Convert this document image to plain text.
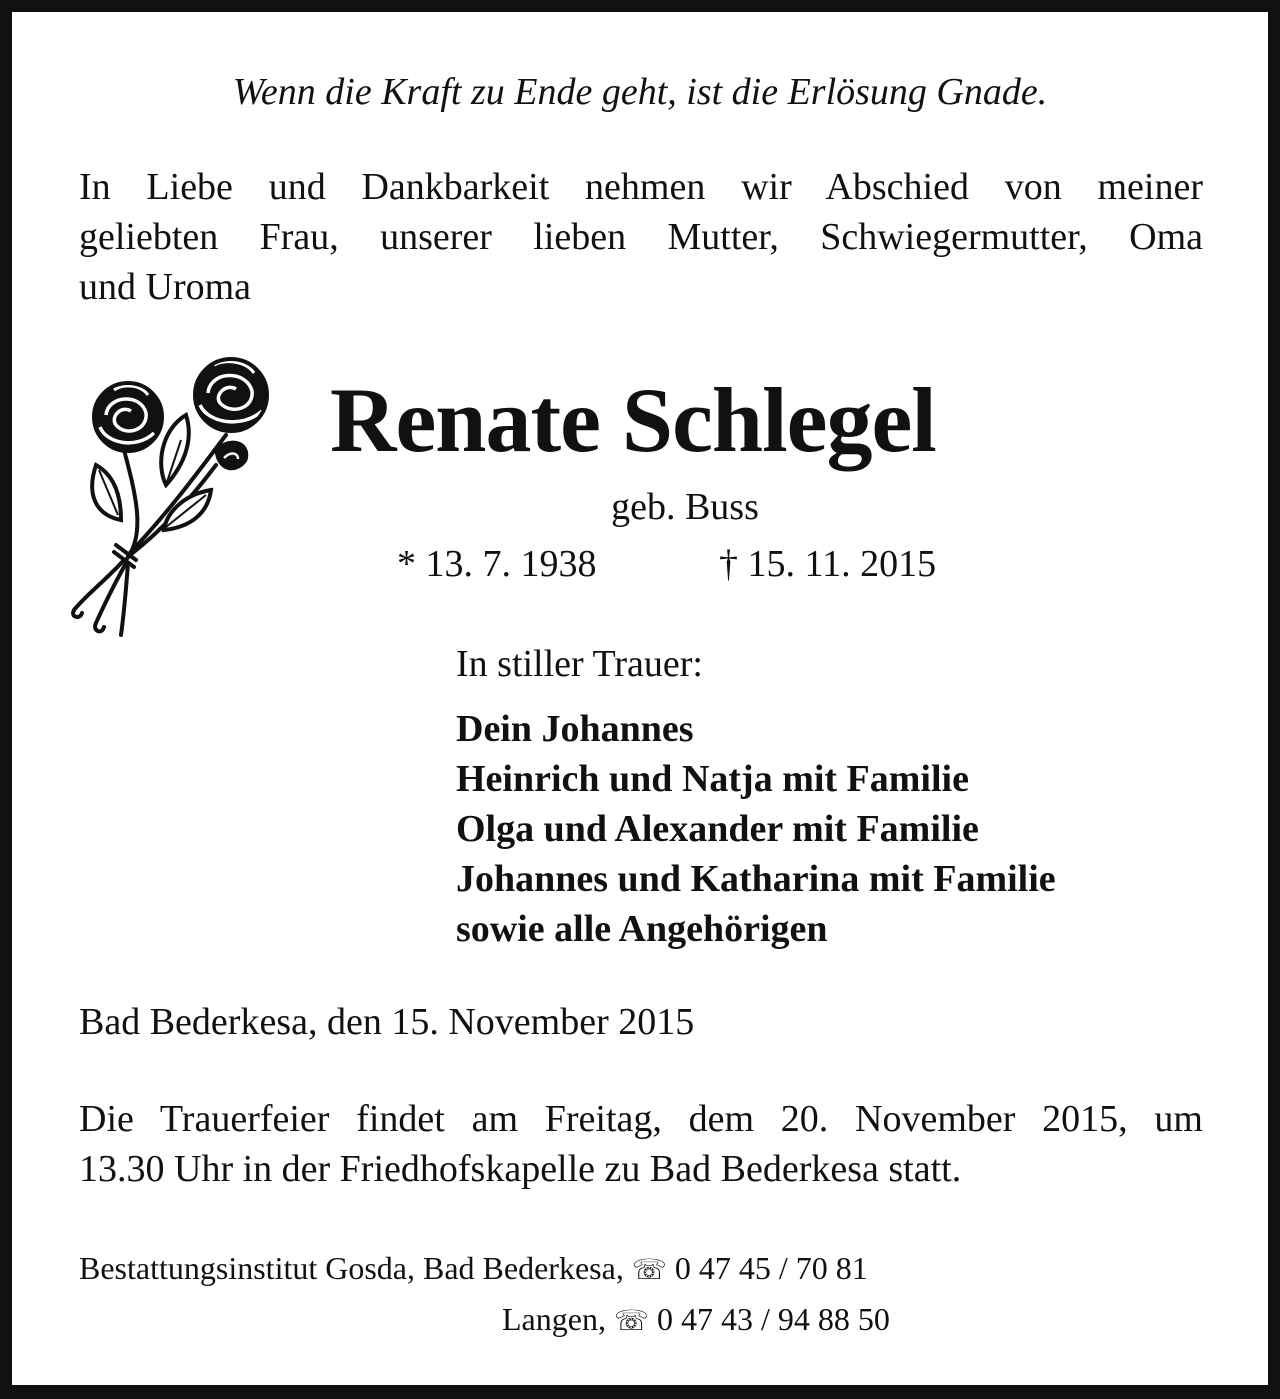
Wenn die Kraft zu Ende geht, ist die Erlösung Gnade.

In Liebe und Dankbarkeit nehmen wir Abschied von meiner
geliebten Frau, unserer lieben Mutter, Schwiegermutter, Oma
und Uroma

Renate Schlegel

geb. Buss

* 13. 7. 1938	† 15. 11. 2015

In stiller Trauer:

Dein Johannes
Heinrich und Natja mit Familie
Olga und Alexander mit Familie
Johannes und Katharina mit Familie
sowie alle Angehörigen

Bad Bederkesa, den 15. November 2015

Die Trauerfeier findet am Freitag, dem 20. November 2015, um
13.30 Uhr in der Friedhofskapelle zu Bad Bederkesa statt.

Bestattungsinstitut Gosda, Bad Bederkesa, ☏ 0 47 45 / 70 81
Langen, ☏ 0 47 43 / 94 88 50
